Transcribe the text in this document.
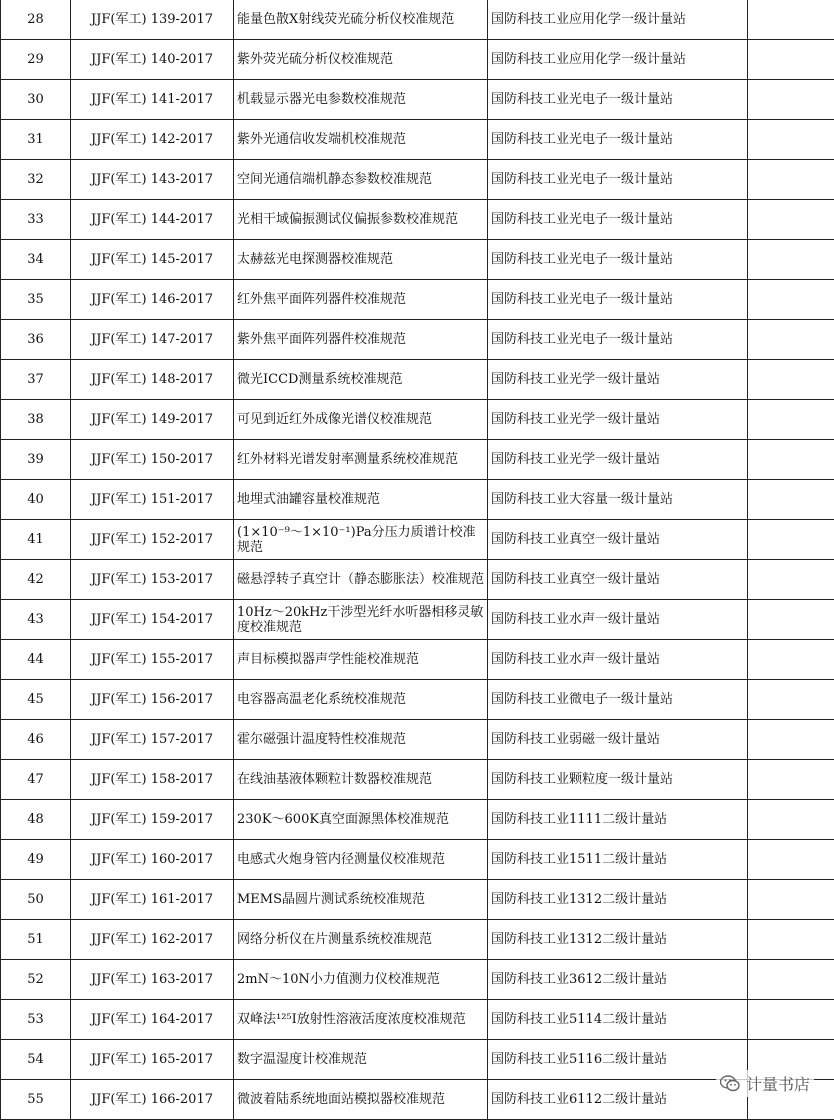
28	JJF(军工) 139-2017	能量色散X射线荧光硫分析仪校准规范	国防科技工业应用化学一级计量站	
29	JJF(军工) 140-2017	紫外荧光硫分析仪校准规范	国防科技工业应用化学一级计量站	
30	JJF(军工) 141-2017	机载显示器光电参数校准规范	国防科技工业光电子一级计量站	
31	JJF(军工) 142-2017	紫外光通信收发端机校准规范	国防科技工业光电子一级计量站	
32	JJF(军工) 143-2017	空间光通信端机静态参数校准规范	国防科技工业光电子一级计量站	
33	JJF(军工) 144-2017	光相干域偏振测试仪偏振参数校准规范	国防科技工业光电子一级计量站	
34	JJF(军工) 145-2017	太赫兹光电探测器校准规范	国防科技工业光电子一级计量站	
35	JJF(军工) 146-2017	红外焦平面阵列器件校准规范	国防科技工业光电子一级计量站	
36	JJF(军工) 147-2017	紫外焦平面阵列器件校准规范	国防科技工业光电子一级计量站	
37	JJF(军工) 148-2017	微光ICCD测量系统校准规范	国防科技工业光学一级计量站	
38	JJF(军工) 149-2017	可见到近红外成像光谱仪校准规范	国防科技工业光学一级计量站	
39	JJF(军工) 150-2017	红外材料光谱发射率测量系统校准规范	国防科技工业光学一级计量站	
40	JJF(军工) 151-2017	地埋式油罐容量校准规范	国防科技工业大容量一级计量站	
41	JJF(军工) 152-2017	(1×10⁻⁹～1×10⁻¹)Pa分压力质谱计校准规范	国防科技工业真空一级计量站	
42	JJF(军工) 153-2017	磁悬浮转子真空计（静态膨胀法）校准规范	国防科技工业真空一级计量站	
43	JJF(军工) 154-2017	10Hz～20kHz干涉型光纤水听器相移灵敏度校准规范	国防科技工业水声一级计量站	
44	JJF(军工) 155-2017	声目标模拟器声学性能校准规范	国防科技工业水声一级计量站	
45	JJF(军工) 156-2017	电容器高温老化系统校准规范	国防科技工业微电子一级计量站	
46	JJF(军工) 157-2017	霍尔磁强计温度特性校准规范	国防科技工业弱磁一级计量站	
47	JJF(军工) 158-2017	在线油基液体颗粒计数器校准规范	国防科技工业颗粒度一级计量站	
48	JJF(军工) 159-2017	230K～600K真空面源黑体校准规范	国防科技工业1111二级计量站	
49	JJF(军工) 160-2017	电感式火炮身管内径测量仪校准规范	国防科技工业1511二级计量站	
50	JJF(军工) 161-2017	MEMS晶圆片测试系统校准规范	国防科技工业1312二级计量站	
51	JJF(军工) 162-2017	网络分析仪在片测量系统校准规范	国防科技工业1312二级计量站	
52	JJF(军工) 163-2017	2mN～10N小力值测力仪校准规范	国防科技工业3612二级计量站	
53	JJF(军工) 164-2017	双峰法¹²⁵I放射性溶液活度浓度校准规范	国防科技工业5114二级计量站	
54	JJF(军工) 165-2017	数字温湿度计校准规范	国防科技工业5116二级计量站	
55	JJF(军工) 166-2017	微波着陆系统地面站模拟器校准规范	国防科技工业6112二级计量站	
计量书店
